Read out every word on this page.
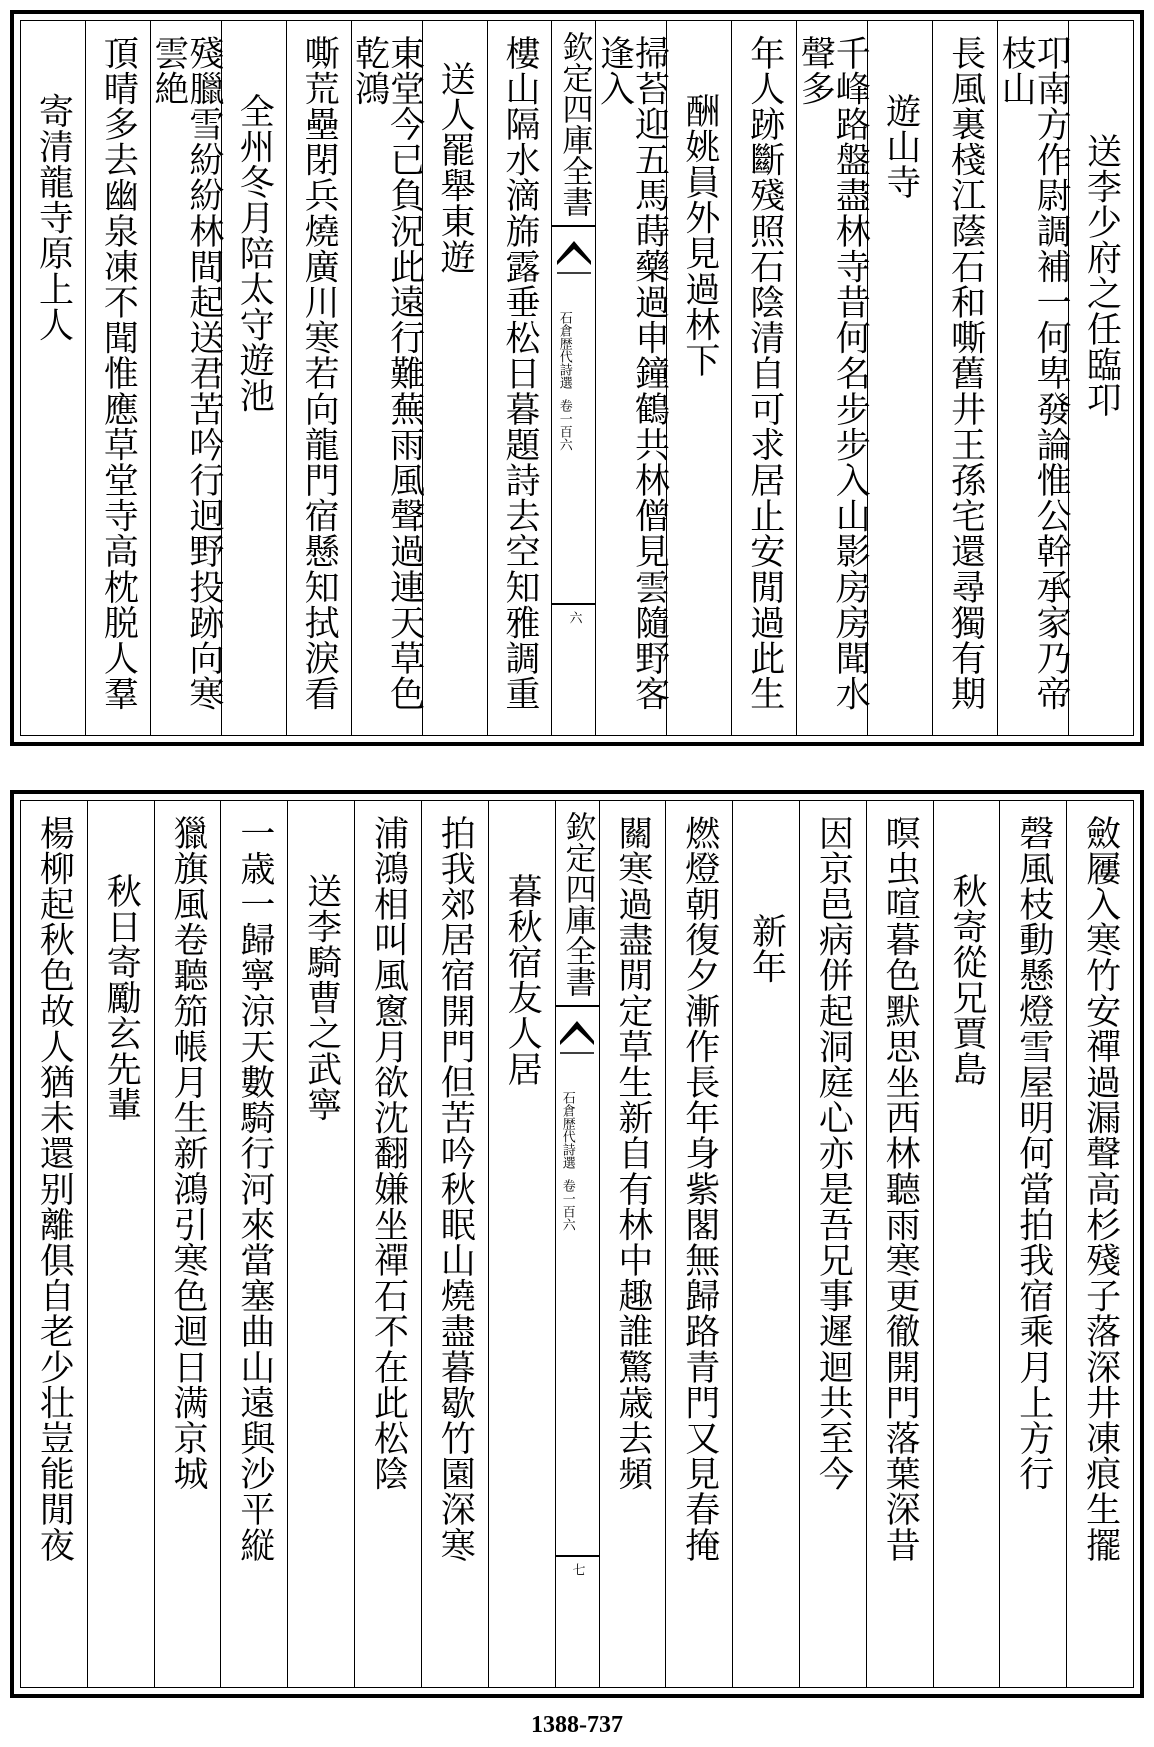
寄清龍寺原上人 頂晴多去幽泉凍不聞惟應草堂寺高枕脱人羣	殘臘雪紛紛林間起送君苦吟行迥野投跡向寒雲絶
全州冬月陪太守遊池 嘶荒壘閉兵燒廣川寒若向龍門宿懸知拭淚看	東堂今已負況此遠行難蕪雨風聲過連天草色乾鴻	送人罷舉東遊 樓山隔水滴旆露垂松日暮題詩去空知雅調重 欽定四庫全書
石倉歴代詩選
卷一百六
六	掃苔迎五馬蒔藥過申鐘鶴共林僧見雲隨野客逢入
酬姚員外見過林下 年人跡斷殘照石陰清自可求居止安閒過此生	千峰路盤盡林寺昔何名步步入山影房房聞水聲多
遊山寺 長風裏棧江蔭石和嘶舊井王孫宅還尋獨有期	卭南方作尉調補一何卑發論惟公幹承家乃帝枝山
送李少府之任臨卭
楊柳起秋色故人猶未還别離俱自老少壮豈能閒夜 秋日寄勵玄先輩 獵旗風卷聽笳帳月生新鴻引寒色迴日满京城 一歳一歸寧涼天數騎行河來當塞曲山遠與沙平縦 送李騎曹之武寧 浦鴻相叫風窻月欲沈翻嫌坐禪石不在此松陰 拍我郊居宿開門但苦吟秋眠山燒盡暮歇竹園深寒 暮秋宿友人居 欽定四庫全書
石倉歴代詩選
卷一百六
七
關寒過盡閒定草生新自有林中趣誰驚歳去頻 燃燈朝復夕漸作長年身紫閣無歸路青門又見春掩 新年 因京邑病併起洞庭心亦是吾兄事遲迴共至今 暝虫喧暮色默思坐西林聽雨寒更徹開門落葉深昔 秋寄從兄賈島 磬風枝動懸燈雪屋明何當拍我宿乘月上方行 斂屨入寒竹安禪過漏聲高杉殘子落深井凍痕生擺
1388-737
